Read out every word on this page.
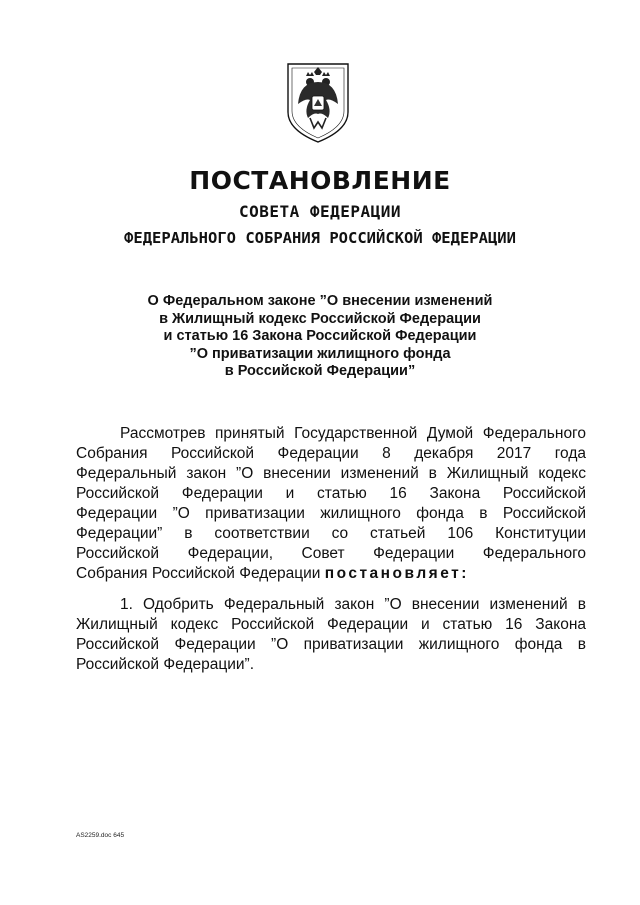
ПОСТАНОВЛЕНИЕ
СОВЕТА ФЕДЕРАЦИИ
ФЕДЕРАЛЬНОГО СОБРАНИЯ РОССИЙСКОЙ ФЕДЕРАЦИИ
О Федеральном законе ”О внесении изменений
в Жилищный кодекс Российской Федерации
и статью 16 Закона Российской Федерации
”О приватизации жилищного фонда
в Российской Федерации”
Рассмотрев принятый Государственной Думой Федерального
Собрания Российской Федерации 8 декабря 2017 года
Федеральный закон ”О внесении изменений в Жилищный кодекс
Российской Федерации и статью 16 Закона Российской
Федерации ”О приватизации жилищного фонда в Российской
Федерации” в соответствии со статьей 106 Конституции
Российской Федерации, Совет Федерации Федерального
Собрания Российской Федерации постановляет:
1. Одобрить Федеральный закон ”О внесении изменений в
Жилищный кодекс Российской Федерации и статью 16 Закона
Российской Федерации ”О приватизации жилищного фонда в
Российской Федерации”.
AS2259.doc 645
